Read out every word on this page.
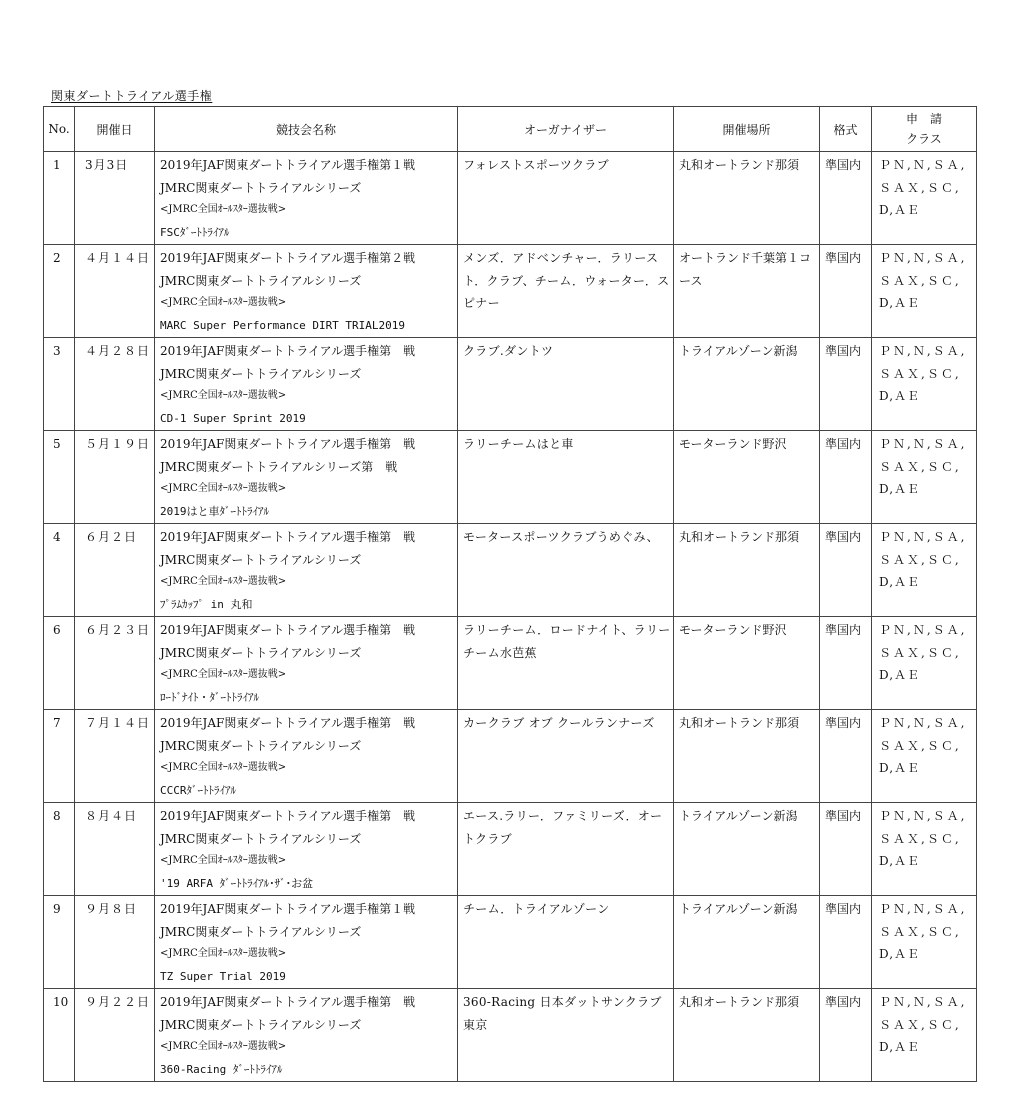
関東ダートトライアル選手権
No.	開催日	競技会名称	オーガナイザー	開催場所	格式	申　請
クラス

1	3月3日	2019年JAF関東ダートトライアル選手権第１戦
JMRC関東ダートトライアルシリーズ
<JMRC全国ｵｰﾙｽﾀｰ選抜戦>
FSCﾀﾞｰﾄﾄﾗｲｱﾙ	フォレストスポーツクラブ	丸和オートランド那須	準国内	ＰＮ,Ｎ,ＳＡ,
ＳＡＸ,ＳＣ,
D,ＡＥ

2	４月１４日	2019年JAF関東ダートトライアル選手権第２戦
JMRC関東ダートトライアルシリーズ
<JMRC全国ｵｰﾙｽﾀｰ選抜戦>
MARC Super Performance DIRT TRIAL2019	メンズ．アドベンチャー．ラリースト．クラブ、チーム．ウォーター．スピナー	オートランド千葉第１コース	準国内	ＰＮ,Ｎ,ＳＡ,
ＳＡＸ,ＳＣ,
D,ＡＥ

3	４月２８日	2019年JAF関東ダートトライアル選手権第　戦
JMRC関東ダートトライアルシリーズ
<JMRC全国ｵｰﾙｽﾀｰ選抜戦>
CD-1 Super Sprint 2019	クラブ.ダントツ	トライアルゾーン新潟	準国内	ＰＮ,Ｎ,ＳＡ,
ＳＡＸ,ＳＣ,
D,ＡＥ

5	５月１９日	2019年JAF関東ダートトライアル選手権第　戦
JMRC関東ダートトライアルシリーズ第　戦
<JMRC全国ｵｰﾙｽﾀｰ選抜戦>
2019はと車ﾀﾞｰﾄﾄﾗｲｱﾙ	ラリーチームはと車	モーターランド野沢	準国内	ＰＮ,Ｎ,ＳＡ,
ＳＡＸ,ＳＣ,
D,ＡＥ

4	６月２日	2019年JAF関東ダートトライアル選手権第　戦
JMRC関東ダートトライアルシリーズ
<JMRC全国ｵｰﾙｽﾀｰ選抜戦>
ﾌﾟﾗﾑｶｯﾌﾟ in 丸和	モータースポーツクラブうめぐみ、	丸和オートランド那須	準国内	ＰＮ,Ｎ,ＳＡ,
ＳＡＸ,ＳＣ,
D,ＡＥ

6	６月２３日	2019年JAF関東ダートトライアル選手権第　戦
JMRC関東ダートトライアルシリーズ
<JMRC全国ｵｰﾙｽﾀｰ選抜戦>
ﾛｰﾄﾞﾅｲﾄ・ﾀﾞｰﾄﾄﾗｲｱﾙ	ラリーチーム．ロードナイト、ラリーチーム水芭蕉	モーターランド野沢	準国内	ＰＮ,Ｎ,ＳＡ,
ＳＡＸ,ＳＣ,
D,ＡＥ

7	７月１４日	2019年JAF関東ダートトライアル選手権第　戦
JMRC関東ダートトライアルシリーズ
<JMRC全国ｵｰﾙｽﾀｰ選抜戦>
CCCRﾀﾞｰﾄﾄﾗｲｱﾙ	カークラブ オブ クールランナーズ	丸和オートランド那須	準国内	ＰＮ,Ｎ,ＳＡ,
ＳＡＸ,ＳＣ,
D,ＡＥ

8	８月４日	2019年JAF関東ダートトライアル選手権第　戦
JMRC関東ダートトライアルシリーズ
<JMRC全国ｵｰﾙｽﾀｰ選抜戦>
'19 ARFA ﾀﾞｰﾄﾄﾗｲｱﾙ･ｻﾞ･お盆	エース.ラリー．ファミリーズ．オートクラブ	トライアルゾーン新潟	準国内	ＰＮ,Ｎ,ＳＡ,
ＳＡＸ,ＳＣ,
D,ＡＥ

9	９月８日	2019年JAF関東ダートトライアル選手権第１戦
JMRC関東ダートトライアルシリーズ
<JMRC全国ｵｰﾙｽﾀｰ選抜戦>
TZ Super Trial 2019	チーム．トライアルゾーン	トライアルゾーン新潟	準国内	ＰＮ,Ｎ,ＳＡ,
ＳＡＸ,ＳＣ,
D,ＡＥ

10	９月２２日	2019年JAF関東ダートトライアル選手権第　戦
JMRC関東ダートトライアルシリーズ
<JMRC全国ｵｰﾙｽﾀｰ選抜戦>
360-Racing ﾀﾞｰﾄﾄﾗｲｱﾙ	360-Racing 日本ダットサンクラブ東京	丸和オートランド那須	準国内	ＰＮ,Ｎ,ＳＡ,
ＳＡＸ,ＳＣ,
D,ＡＥ
